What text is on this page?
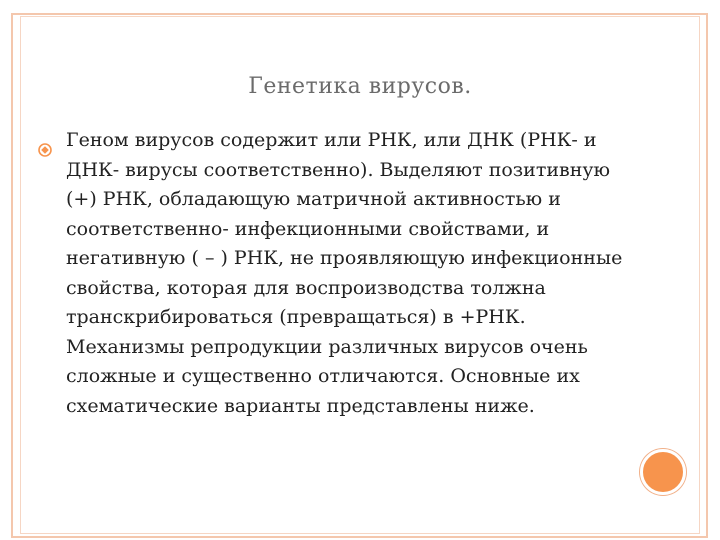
Генетика вирусов.
Геном вирусов содержит или РНК, или ДНК (РНК- и ДНК- вирусы соответственно). Выделяют позитивную (+) РНК, обладающую матричной активностью и соответственно- инфекционными свойствами, и негативную ( – ) РНК, не проявляющую инфекционные свойства, которая для воспроизводства толжна транскрибироваться (превращаться) в +РНК. Механизмы репродукции различных вирусов очень сложные и существенно отличаются. Основные их схематические варианты представлены ниже.
